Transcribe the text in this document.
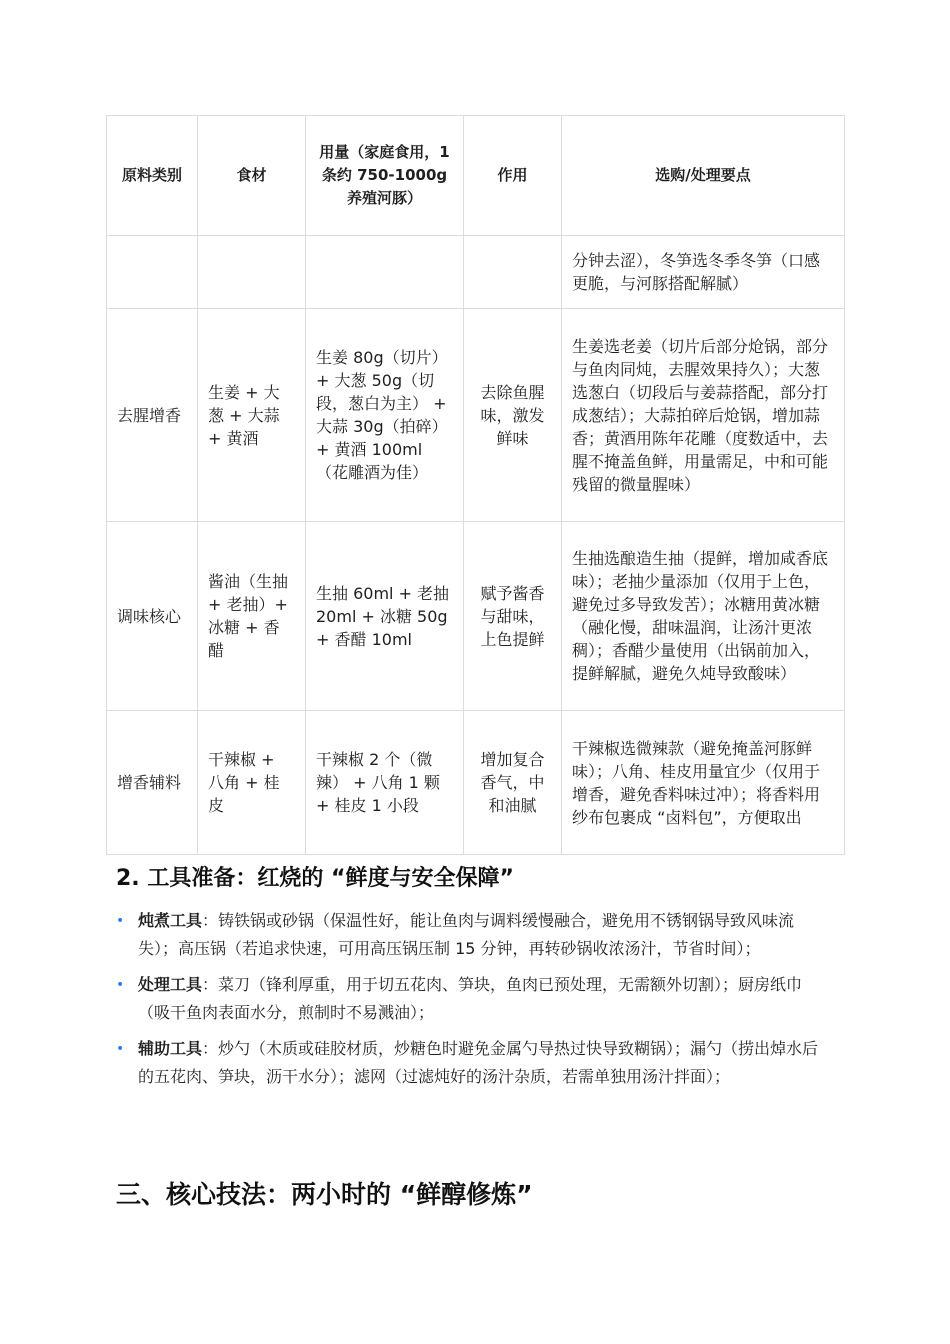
原料类别	食材	用量（家庭食用，1 条约 750-1000g 养殖河豚）	作用	选购/处理要点
				分钟去涩），冬笋选冬季冬笋（口感更脆，与河豚搭配解腻）
去腥增香	生姜 + 大葱 + 大蒜 + 黄酒	生姜 80g（切片） + 大葱 50g（切段，葱白为主） + 大蒜 30g（拍碎） + 黄酒 100ml（花雕酒为佳）	去除鱼腥味，激发鲜味	生姜选老姜（切片后部分炝锅，部分与鱼肉同炖，去腥效果持久）；大葱选葱白（切段后与姜蒜搭配，部分打成葱结）；大蒜拍碎后炝锅，增加蒜香；黄酒用陈年花雕（度数适中，去腥不掩盖鱼鲜，用量需足，中和可能残留的微量腥味）
调味核心	酱油（生抽 + 老抽）+ 冰糖 + 香醋	生抽 60ml + 老抽 20ml + 冰糖 50g + 香醋 10ml	赋予酱香与甜味，上色提鲜	生抽选酿造生抽（提鲜，增加咸香底味）；老抽少量添加（仅用于上色，避免过多导致发苦）；冰糖用黄冰糖（融化慢，甜味温润，让汤汁更浓稠）；香醋少量使用（出锅前加入，提鲜解腻，避免久炖导致酸味）
增香辅料	干辣椒 + 八角 + 桂皮	干辣椒 2 个（微辣） + 八角 1 颗 + 桂皮 1 小段	增加复合香气，中和油腻	干辣椒选微辣款（避免掩盖河豚鲜味）；八角、桂皮用量宜少（仅用于增香，避免香料味过冲）；将香料用纱布包裹成 “卤料包”，方便取出
2. 工具准备：红烧的 “鲜度与安全保障”
• 炖煮工具：铸铁锅或砂锅（保温性好，能让鱼肉与调料缓慢融合，避免用不锈钢锅导致风味流失）；高压锅（若追求快速，可用高压锅压制 15 分钟，再转砂锅收浓汤汁，节省时间）；
• 处理工具：菜刀（锋利厚重，用于切五花肉、笋块，鱼肉已预处理，无需额外切割）；厨房纸巾（吸干鱼肉表面水分，煎制时不易溅油）；
• 辅助工具：炒勺（木质或硅胶材质，炒糖色时避免金属勺导热过快导致糊锅）；漏勺（捞出焯水后的五花肉、笋块，沥干水分）；滤网（过滤炖好的汤汁杂质，若需单独用汤汁拌面）；
三、核心技法：两小时的 “鲜醇修炼”
